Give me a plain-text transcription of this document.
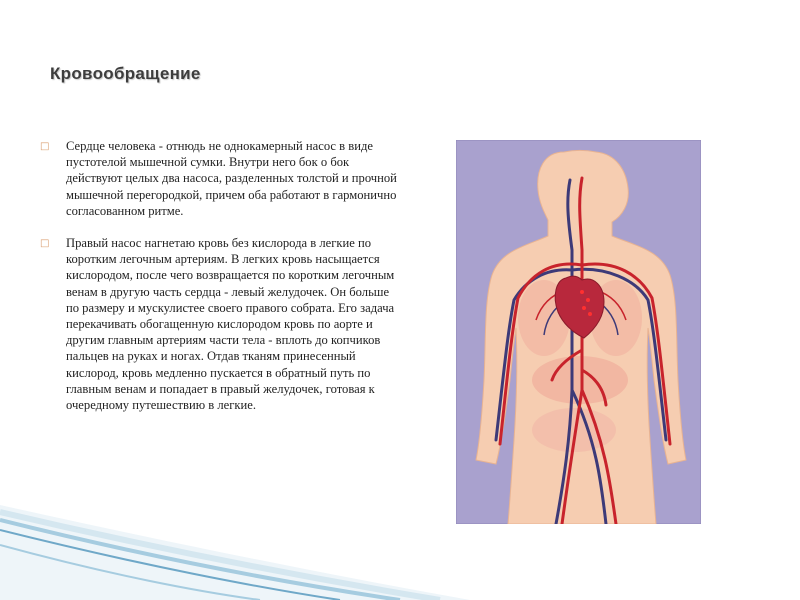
Кровообращение

□ Сердце человека - отнюдь не однокамерный насос в виде пустотелой мышечной сумки. Внутри него бок о бок действуют целых два насоса, разделенных толстой и прочной мышечной перегородкой, причем оба работают в гармонично согласованном ритме.

□ Правый насос нагнетаю кровь без кислорода в легкие по коротким легочным артериям. В легких кровь насыщается кислородом, после чего возвращается по коротким легочным венам в другую часть сердца - левый желудочек. Он больше по размеру и мускулистее своего правого собрата. Его задача перекачивать обогащенную кислородом кровь по аорте и другим главным артериям части тела - вплоть до копчиков пальцев на руках и ногах. Отдав тканям принесенный кислород, кровь медленно пускается в обратный путь по главным венам и попадает в правый желудочек, готовая к очередному путешествию в легкие.
